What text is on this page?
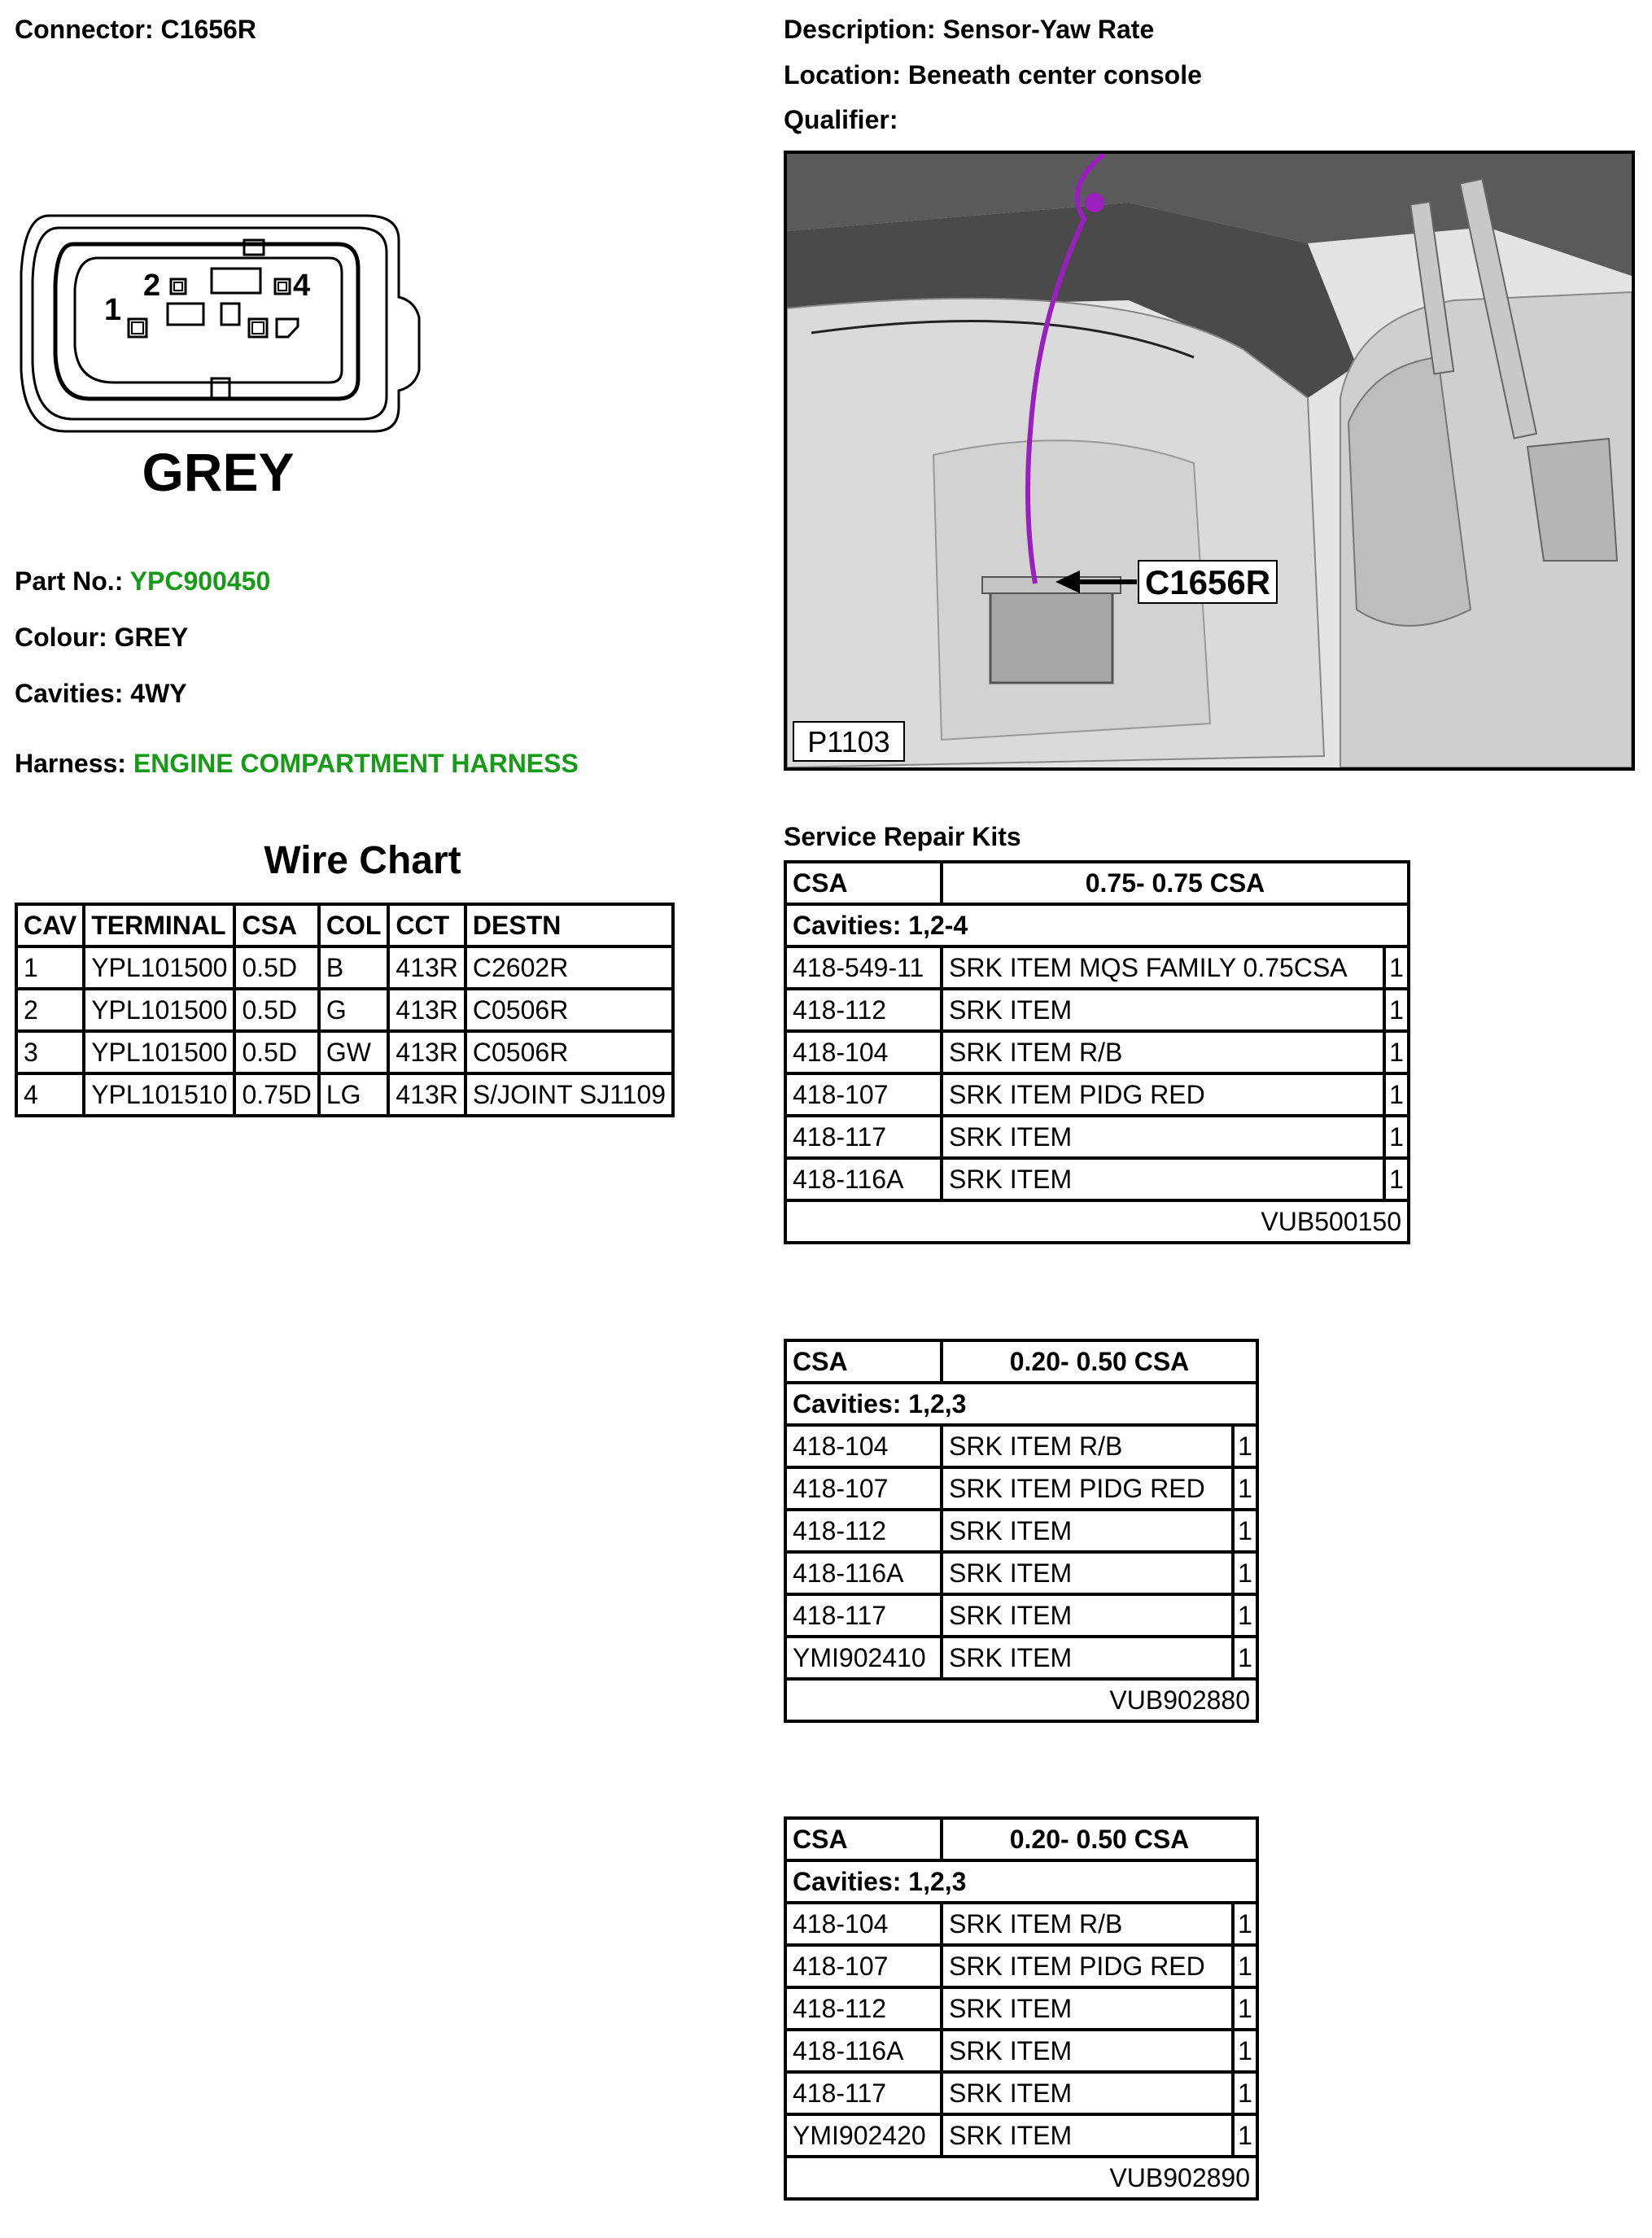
Connector: C1656R	Description: Sensor-Yaw Rate
Location: Beneath center console
Qualifier:
1
2	4
GREY
Part No.: YPC900450
Colour: GREY
Cavities: 4WY
Harness: ENGINE COMPARTMENT HARNESS
C1656R
P1103
Wire Chart
CAV	TERMINAL	CSA	COL	CCT	DESTN
1	YPL101500	0.5D	B	413R	C2602R
2	YPL101500	0.5D	G	413R	C0506R
3	YPL101500	0.5D	GW	413R	C0506R
4	YPL101510	0.75D	LG	413R	S/JOINT SJ1109
Service Repair Kits
CSA	0.75- 0.75 CSA	
Cavities: 1,2-4		
418-549-11	SRK ITEM MQS FAMILY 0.75CSA	1
418-112	SRK ITEM	1
418-104	SRK ITEM R/B	1
418-107	SRK ITEM PIDG RED	1
418-117	SRK ITEM	1
418-116A	SRK ITEM	1
VUB500150		
CSA	0.20- 0.50 CSA	
Cavities: 1,2,3		
418-104	SRK ITEM R/B	1
418-107	SRK ITEM PIDG RED	1
418-112	SRK ITEM	1
418-116A	SRK ITEM	1
418-117	SRK ITEM	1
YMI902410	SRK ITEM	1
VUB902880		
CSA	0.20- 0.50 CSA	
Cavities: 1,2,3		
418-104	SRK ITEM R/B	1
418-107	SRK ITEM PIDG RED	1
418-112	SRK ITEM	1
418-116A	SRK ITEM	1
418-117	SRK ITEM	1
YMI902420	SRK ITEM	1
VUB902890		
